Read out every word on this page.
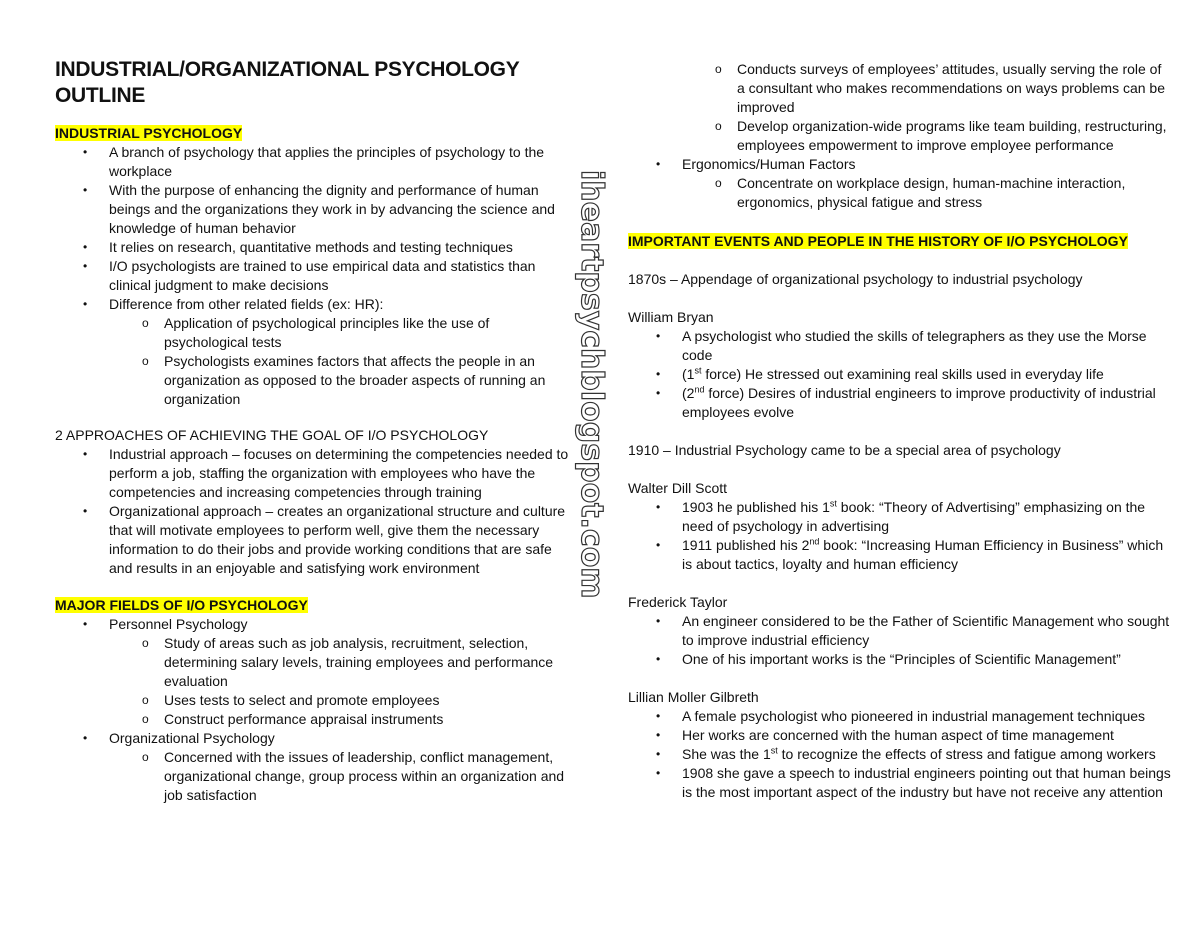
INDUSTRIAL/ORGANIZATIONAL PSYCHOLOGY
OUTLINE
INDUSTRIAL PSYCHOLOGY
• A branch of psychology that applies the principles of psychology to the workplace
• With the purpose of enhancing the dignity and performance of human beings and the organizations they work in by advancing the science and knowledge of human behavior
• It relies on research, quantitative methods and testing techniques
• I/O psychologists are trained to use empirical data and statistics than clinical judgment to make decisions
• Difference from other related fields (ex: HR):
o Application of psychological principles like the use of psychological tests
o Psychologists examines factors that affects the people in an organization as opposed to the broader aspects of running an organization
2 APPROACHES OF ACHIEVING THE GOAL OF I/O PSYCHOLOGY
• Industrial approach – focuses on determining the competencies needed to perform a job, staffing the organization with employees who have the competencies and increasing competencies through training
• Organizational approach – creates an organizational structure and culture that will motivate employees to perform well, give them the necessary information to do their jobs and provide working conditions that are safe and results in an enjoyable and satisfying work environment
MAJOR FIELDS OF I/O PSYCHOLOGY
• Personnel Psychology
o Study of areas such as job analysis, recruitment, selection, determining salary levels, training employees and performance evaluation
o Uses tests to select and promote employees
o Construct performance appraisal instruments
• Organizational Psychology
o Concerned with the issues of leadership, conflict management, organizational change, group process within an organization and job satisfaction
iheartpsychblogspot.com
o Conducts surveys of employees’ attitudes, usually serving the role of a consultant who makes recommendations on ways problems can be improved
o Develop organization-wide programs like team building, restructuring, employees empowerment to improve employee performance
• Ergonomics/Human Factors
o Concentrate on workplace design, human-machine interaction, ergonomics, physical fatigue and stress
IMPORTANT EVENTS AND PEOPLE IN THE HISTORY OF I/O PSYCHOLOGY
1870s – Appendage of organizational psychology to industrial psychology
William Bryan
• A psychologist who studied the skills of telegraphers as they use the Morse code
• (1st force) He stressed out examining real skills used in everyday life
• (2nd force) Desires of industrial engineers to improve productivity of industrial employees evolve
1910 – Industrial Psychology came to be a special area of psychology
Walter Dill Scott
• 1903 he published his 1st book: “Theory of Advertising” emphasizing on the need of psychology in advertising
• 1911 published his 2nd book: “Increasing Human Efficiency in Business” which is about tactics, loyalty and human efficiency
Frederick Taylor
• An engineer considered to be the Father of Scientific Management who sought to improve industrial efficiency
• One of his important works is the “Principles of Scientific Management”
Lillian Moller Gilbreth
• A female psychologist who pioneered in industrial management techniques
• Her works are concerned with the human aspect of time management
• She was the 1st to recognize the effects of stress and fatigue among workers
• 1908 she gave a speech to industrial engineers pointing out that human beings is the most important aspect of the industry but have not receive any attention
